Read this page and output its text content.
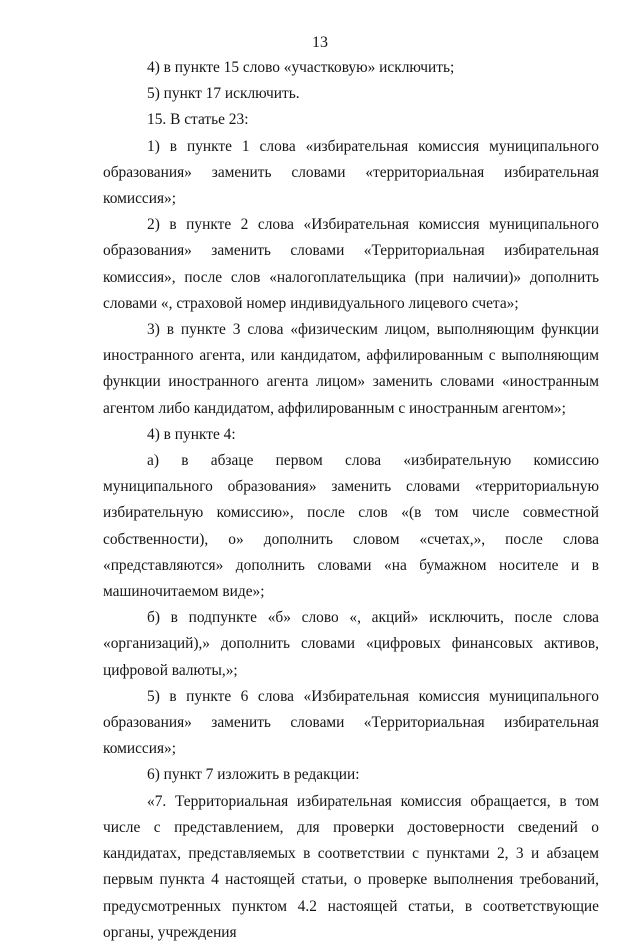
13

4) в пункте 15 слово «участковую» исключить;

5) пункт 17 исключить.

15. В статье 23:

1) в пункте 1 слова «избирательная комиссия муниципального образования» заменить словами «территориальная избирательная комиссия»;

2) в пункте 2 слова «Избирательная комиссия муниципального образования» заменить словами «Территориальная избирательная комиссия», после слов «налогоплательщика (при наличии)» дополнить словами «, страховой номер индивидуального лицевого счета»;

3) в пункте 3 слова «физическим лицом, выполняющим функции иностранного агента, или кандидатом, аффилированным с выполняющим функции иностранного агента лицом» заменить словами «иностранным агентом либо кандидатом, аффилированным с иностранным агентом»;

4) в пункте 4:

а) в абзаце первом слова «избирательную комиссию муниципального образования» заменить словами «территориальную избирательную комиссию», после слов «(в том числе совместной собственности), о» дополнить словом «счетах,», после слова «представляются» дополнить словами «на бумажном носителе и в машиночитаемом виде»;

б) в подпункте «б» слово «, акций» исключить, после слова «организаций),» дополнить словами «цифровых финансовых активов, цифровой валюты,»;

5) в пункте 6 слова «Избирательная комиссия муниципального образования» заменить словами «Территориальная избирательная комиссия»;

6) пункт 7 изложить в редакции:

«7. Территориальная избирательная комиссия обращается, в том числе с представлением, для проверки достоверности сведений о кандидатах, представляемых в соответствии с пунктами 2, 3 и абзацем первым пункта 4 настоящей статьи, о проверке выполнения требований, предусмотренных пунктом 4.2 настоящей статьи, в соответствующие органы, учреждения
